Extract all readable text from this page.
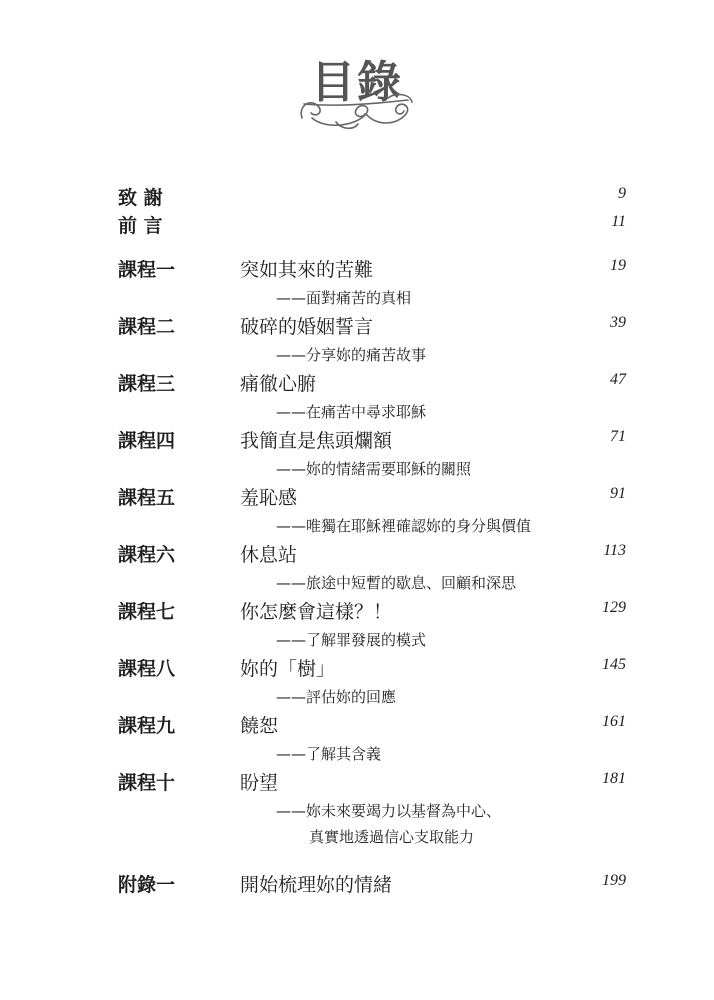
目錄
致 謝	9
前 言	11
課程一	突如其來的苦難	19
——面對痛苦的真相
課程二	破碎的婚姻誓言	39
——分享妳的痛苦故事
課程三	痛徹心腑	47
——在痛苦中尋求耶穌
課程四	我簡直是焦頭爛額	71
——妳的情緒需要耶穌的關照
課程五	羞恥感	91
——唯獨在耶穌裡確認妳的身分與價值
課程六	休息站	113
——旅途中短暫的歇息、回顧和深思
課程七	你怎麼會這樣？！	129
——了解罪發展的模式
課程八	妳的「樹」	145
——評估妳的回應
課程九	饒恕	161
——了解其含義
課程十	盼望	181
——妳未來要竭力以基督為中心、
真實地透過信心支取能力
附錄一	開始梳理妳的情緒	199
